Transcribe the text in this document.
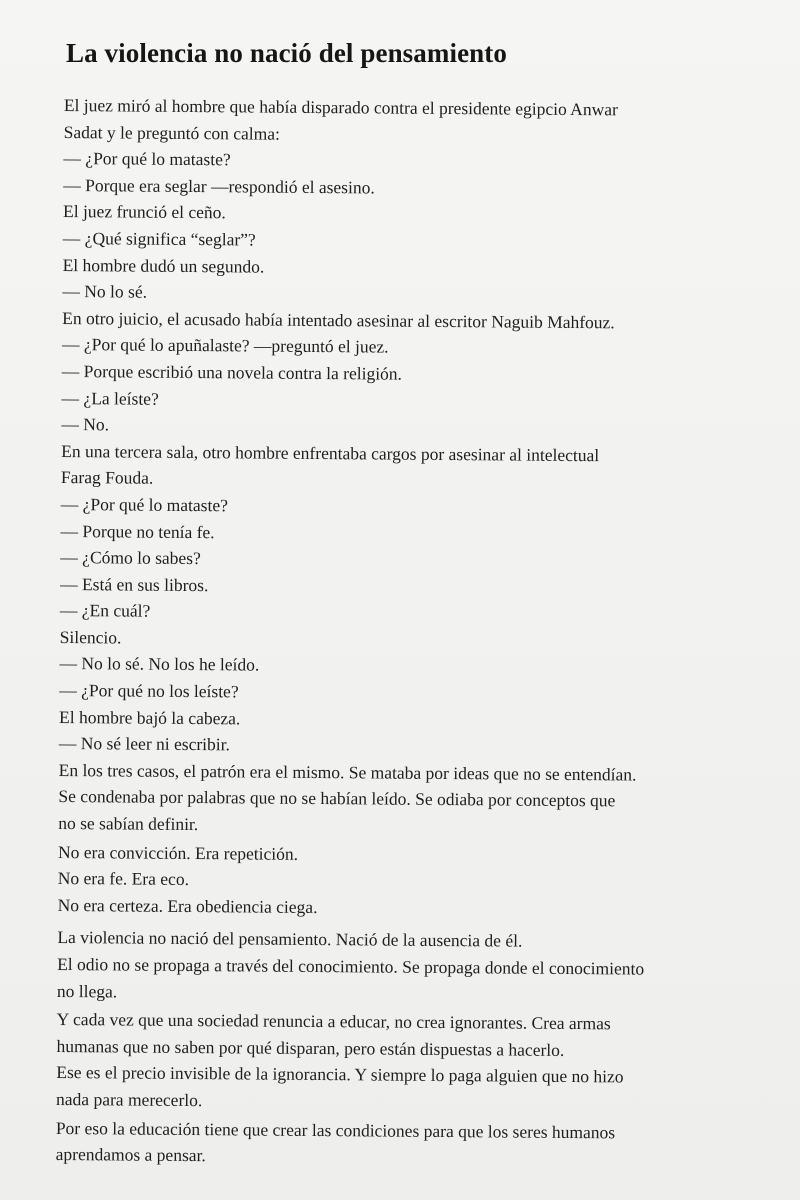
La violencia no nació del pensamiento

El juez miró al hombre que había disparado contra el presidente egipcio Anwar

Sadat y le preguntó con calma:

— ¿Por qué lo mataste?

— Porque era seglar —respondió el asesino.

El juez frunció el ceño.

— ¿Qué significa “seglar”?

El hombre dudó un segundo.

— No lo sé.

En otro juicio, el acusado había intentado asesinar al escritor Naguib Mahfouz.

— ¿Por qué lo apuñalaste? —preguntó el juez.

— Porque escribió una novela contra la religión.

— ¿La leíste?

— No.

En una tercera sala, otro hombre enfrentaba cargos por asesinar al intelectual

Farag Fouda.

— ¿Por qué lo mataste?

— Porque no tenía fe.

— ¿Cómo lo sabes?

— Está en sus libros.

— ¿En cuál?

Silencio.

— No lo sé. No los he leído.

— ¿Por qué no los leíste?

El hombre bajó la cabeza.

— No sé leer ni escribir.

En los tres casos, el patrón era el mismo. Se mataba por ideas que no se entendían.

Se condenaba por palabras que no se habían leído. Se odiaba por conceptos que

no se sabían definir.

No era convicción. Era repetición.

No era fe. Era eco.

No era certeza. Era obediencia ciega.

La violencia no nació del pensamiento. Nació de la ausencia de él.

El odio no se propaga a través del conocimiento. Se propaga donde el conocimiento

no llega.

Y cada vez que una sociedad renuncia a educar, no crea ignorantes. Crea armas

humanas que no saben por qué disparan, pero están dispuestas a hacerlo.

Ese es el precio invisible de la ignorancia. Y siempre lo paga alguien que no hizo

nada para merecerlo.

Por eso la educación tiene que crear las condiciones para que los seres humanos

aprendamos a pensar.
